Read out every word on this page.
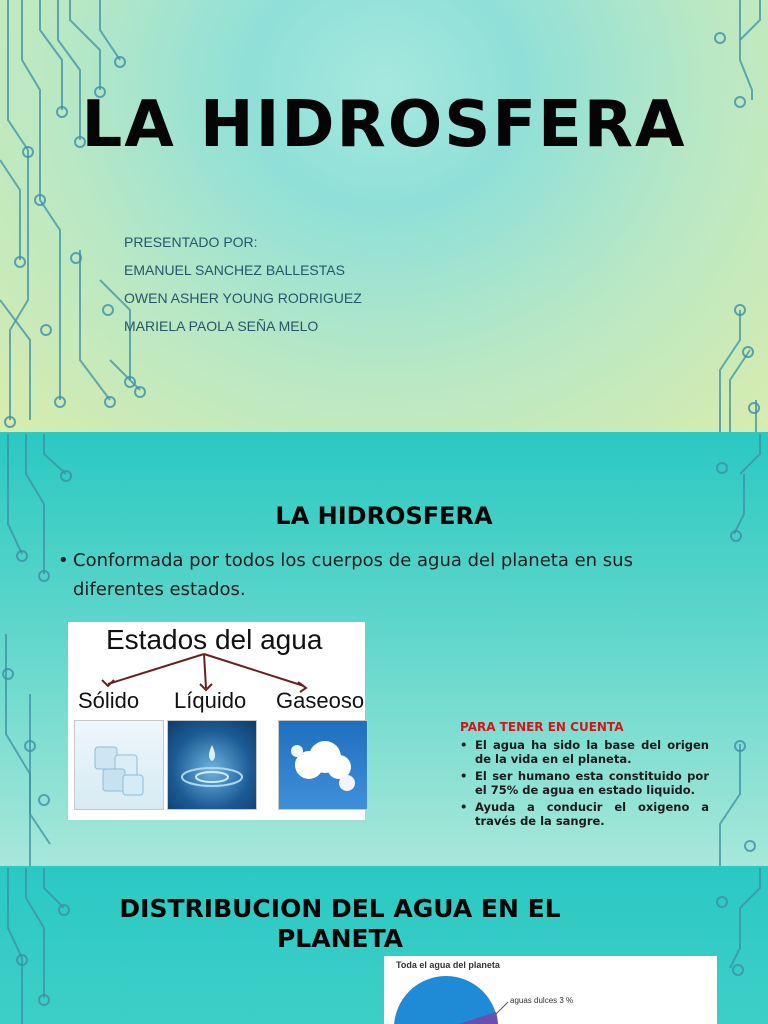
LA HIDROSFERA
PRESENTADO POR:
EMANUEL SANCHEZ BALLESTAS
OWEN ASHER YOUNG RODRIGUEZ
MARIELA PAOLA SEÑA MELO
LA HIDROSFERA
• Conformada por todos los cuerpos de agua del planeta en sus diferentes estados.
Estados del agua
Sólido Líquido Gaseoso

PARA TENER EN CUENTA

• El agua ha sido la base del origen de la vida en el planeta.
• El ser humano esta constituido por el 75% de agua en estado liquido.
• Ayuda a conducir el oxigeno a través de la sangre.
DISTRIBUCION DEL AGUA EN EL PLANETA
Toda el agua del planeta
aguas dulces 3 %
